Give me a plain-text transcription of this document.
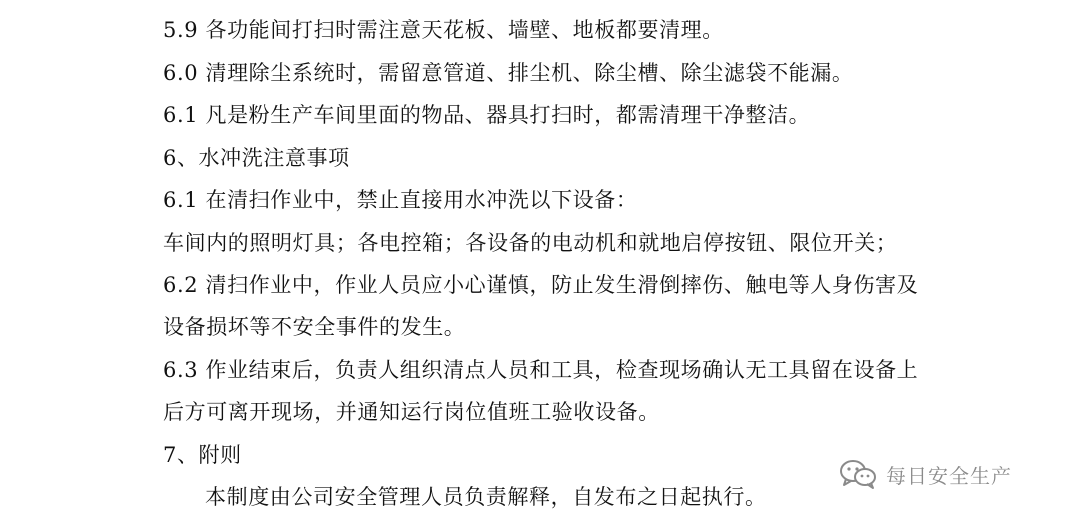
5.9 各功能间打扫时需注意天花板、墙壁、地板都要清理。
6.0 清理除尘系统时，需留意管道、排尘机、除尘槽、除尘滤袋不能漏。
6.1 凡是粉生产车间里面的物品、器具打扫时，都需清理干净整洁。
6、水冲洗注意事项
6.1 在清扫作业中，禁止直接用水冲洗以下设备：
车间内的照明灯具；各电控箱；各设备的电动机和就地启停按钮、限位开关；
6.2 清扫作业中，作业人员应小心谨慎，防止发生滑倒摔伤、触电等人身伤害及
设备损坏等不安全事件的发生。
6.3 作业结束后，负责人组织清点人员和工具，检查现场确认无工具留在设备上
后方可离开现场，并通知运行岗位值班工验收设备。
7、附则
本制度由公司安全管理人员负责解释，自发布之日起执行。
每日安全生产
